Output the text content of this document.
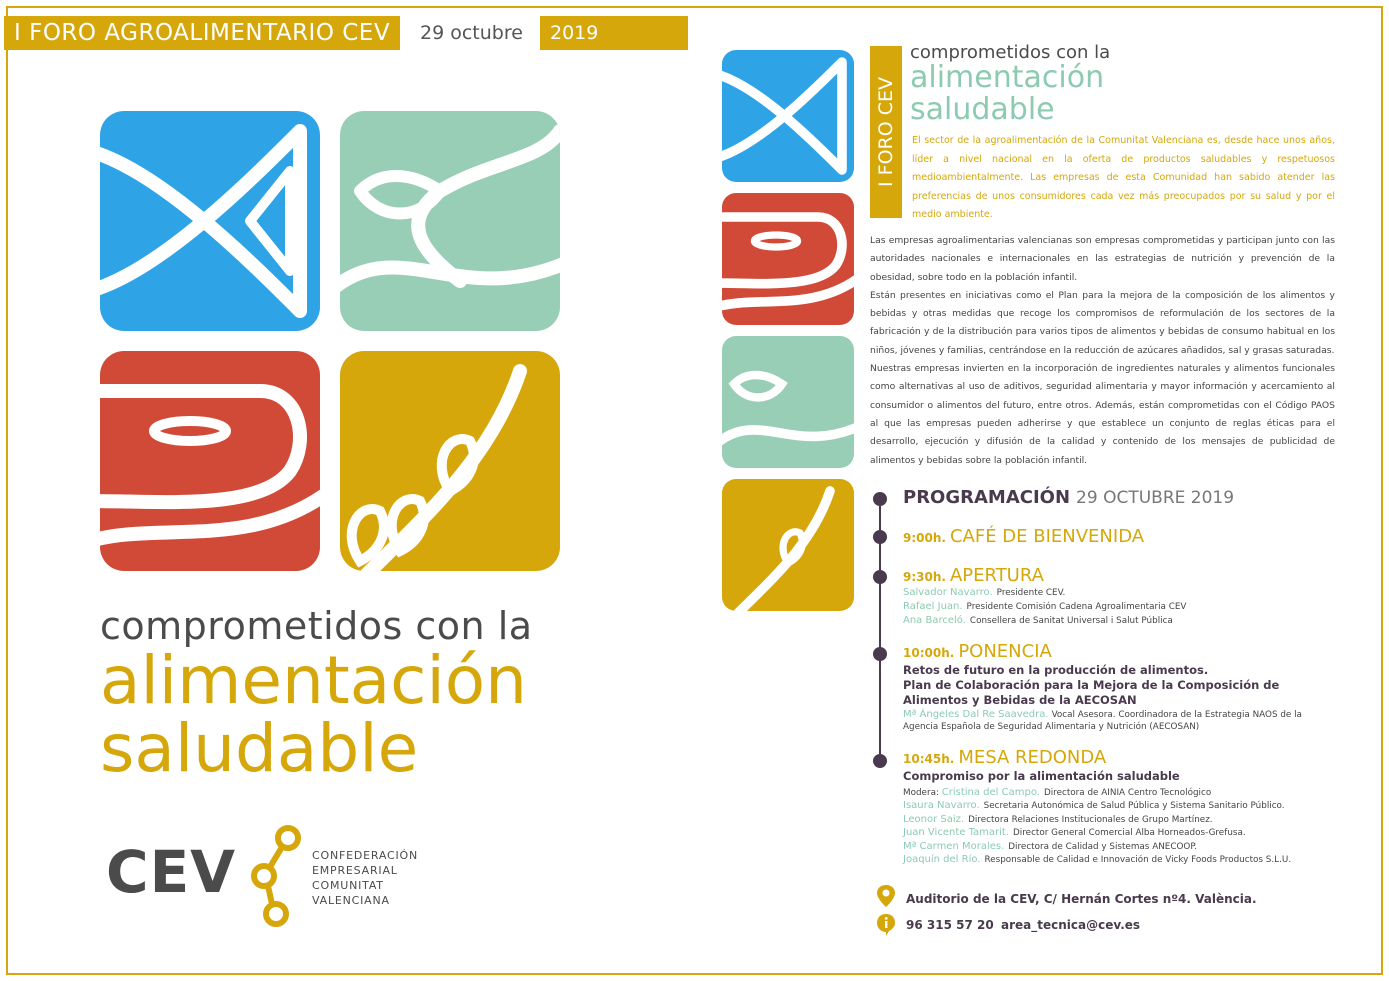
I FORO AGROALIMENTARIO CEV	29 octubre	2019
comprometidos con la
alimentación
saludable
CEV	CONFEDERACIÓN
EMPRESARIAL
COMUNITAT
VALENCIANA
I FORO CEV
comprometidos con la
alimentación
saludable
El sector de la agroalimentación de la Comunitat Valenciana es, desde hace unos años, líder a nivel nacional en la oferta de productos saludables y respetuosos medioambientalmente. Las empresas de esta Comunidad han sabido atender las preferencias de unos consumidores cada vez más preocupados por su salud y por el medio ambiente.

Las empresas agroalimentarias valencianas son empresas comprometidas y participan junto con las autoridades nacionales e internacionales en las estrategias de nutrición y prevención de la obesidad, sobre todo en la población infantil.

Están presentes en iniciativas como el Plan para la mejora de la composición de los alimentos y bebidas y otras medidas que recoge los compromisos de reformulación de los sectores de la fabricación y de la distribución para varios tipos de alimentos y bebidas de consumo habitual en los niños, jóvenes y familias, centrándose en la reducción de azúcares añadidos, sal y grasas saturadas.

Nuestras empresas invierten en la incorporación de ingredientes naturales y alimentos funcionales como alternativas al uso de aditivos, seguridad alimentaria y mayor información y acercamiento al consumidor o alimentos del futuro, entre otros. Además, están comprometidas con el Código PAOS al que las empresas pueden adherirse y que establece un conjunto de reglas éticas para el desarrollo, ejecución y difusión de la calidad y contenido de los mensajes de publicidad de alimentos y bebidas sobre la población infantil.

PROGRAMACIÓN 29 OCTUBRE 2019
9:00h. CAFÉ DE BIENVENIDA
9:30h. APERTURA
Salvador Navarro. Presidente CEV.
Rafael Juan. Presidente Comisión Cadena Agroalimentaria CEV
Ana Barceló. Consellera de Sanitat Universal i Salut Pública
10:00h. PONENCIA
Retos de futuro en la producción de alimentos.
Plan de Colaboración para la Mejora de la Composición de
Alimentos y Bebidas de la AECOSAN
Mª Ángeles Dal Re Saavedra. Vocal Asesora. Coordinadora de la Estrategia NAOS de la Agencia Española de Seguridad Alimentaria y Nutrición (AECOSAN)
10:45h. MESA REDONDA
Compromiso por la alimentación saludable
Modera: Cristina del Campo. Directora de AINIA Centro Tecnológico
Isaura Navarro. Secretaria Autonómica de Salud Pública y Sistema Sanitario Público.
Leonor Saiz. Directora Relaciones Institucionales de Grupo Martínez.
Juan Vicente Tamarit. Director General Comercial Alba Horneados-Grefusa.
Mª Carmen Morales. Directora de Calidad y Sistemas ANECOOP.
Joaquín del Río. Responsable de Calidad e Innovación de Vicky Foods Productos S.L.U.
Auditorio de la CEV, C/ Hernán Cortes nº4. València.
96 315 57 20 area_tecnica@cev.es
